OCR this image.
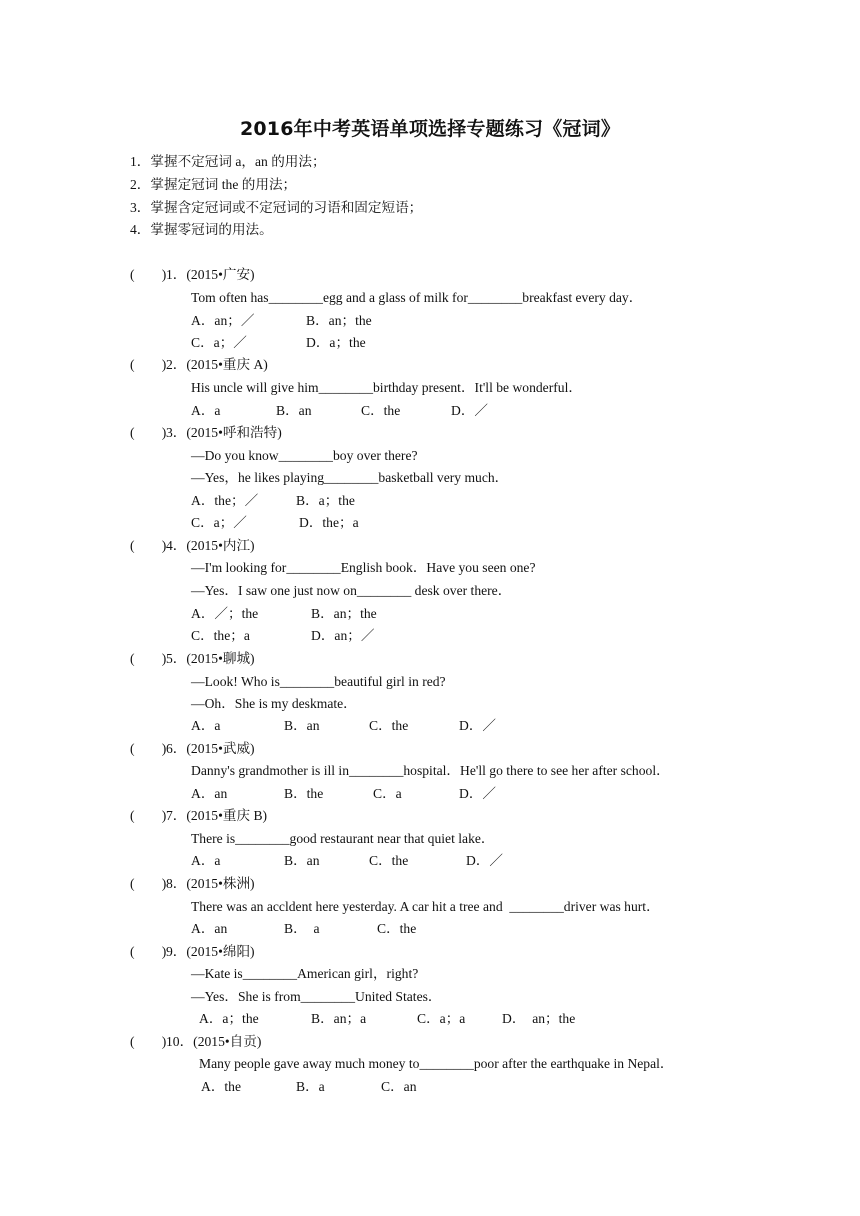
2016年中考英语单项选择专题练习《冠词》
1．掌握不定冠词 a，an 的用法；
2．掌握定冠词 the 的用法；
3．掌握含定冠词或不定冠词的习语和固定短语；
4．掌握零冠词的用法。
(　　) 1．(2015•广安)
Tom often has________egg and a glass of milk for________breakfast every day．
A．an；／	B．an；the
C．a；／	D．a；the
(　　) 2．(2015•重庆 A)
His uncle will give him________birthday present．It'll be wonderful．
A．a	B．an	C．the	D．／
(　　) 3．(2015•呼和浩特)
—Do you know________boy over there?
—Yes，he likes playing________basketball very much．
A．the；／	B．a；the
C．a；／	D．the；a
(　　) 4．(2015•内江)
—I'm looking for________English book．Have you seen one?
—Yes．I saw one just now on________ desk over there．
A．／；the	B．an；the
C．the；a	D．an；／
(　　) 5．(2015•聊城)
—Look! Who is________beautiful girl in red?
—Oh．She is my deskmate．
A．a	B．an	C．the	D．／
(　　) 6．(2015•武威)
Danny's grandmother is ill in________hospital．He'll go there to see her after school．
A．an	B．the	C．a	D．／
(　　) 7．(2015•重庆 B)
There is________good restaurant near that quiet lake．
A．a	B．an	C．the	D．／
(　　) 8．(2015•株洲)
There was an accldent here yesterday. A car hit a tree and  ________driver was hurt．
A．an	B．  a	C．the
(　　) 9．(2015•绵阳)
—Kate is________American girl，right?
—Yes．She is from________United States．
A．a；the	B．an；a	C．a；a	D．  an；the
(　　) 10．(2015•自贡)
Many people gave away much money to________poor after the earthquake in Nepal．
A．the	B．a	C．an
